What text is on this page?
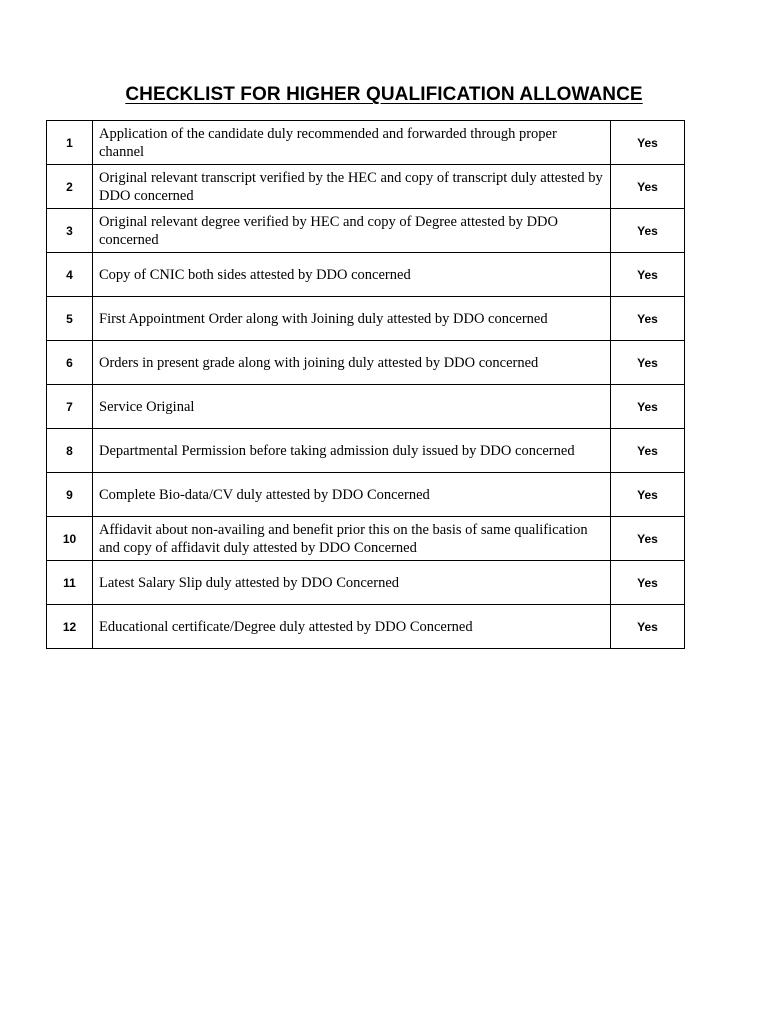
CHECKLIST FOR HIGHER QUALIFICATION ALLOWANCE
1	Application of the candidate duly recommended and forwarded through proper channel	Yes
2	Original relevant transcript verified by the HEC and copy of transcript duly attested by DDO concerned	Yes
3	Original relevant degree verified by HEC and copy of Degree attested by DDO concerned	Yes
4	Copy of CNIC both sides attested by DDO concerned	Yes
5	First Appointment Order along with Joining duly attested by DDO concerned	Yes
6	Orders in present grade along with joining duly attested by DDO concerned	Yes
7	Service Original	Yes
8	Departmental Permission before taking admission duly issued by DDO concerned	Yes
9	Complete Bio-data/CV duly attested by DDO Concerned	Yes
10	Affidavit about non-availing and benefit prior this on the basis of same qualification and copy of affidavit duly attested by DDO Concerned	Yes
11	Latest Salary Slip duly attested by DDO Concerned	Yes
12	Educational certificate/Degree duly attested by DDO Concerned	Yes
